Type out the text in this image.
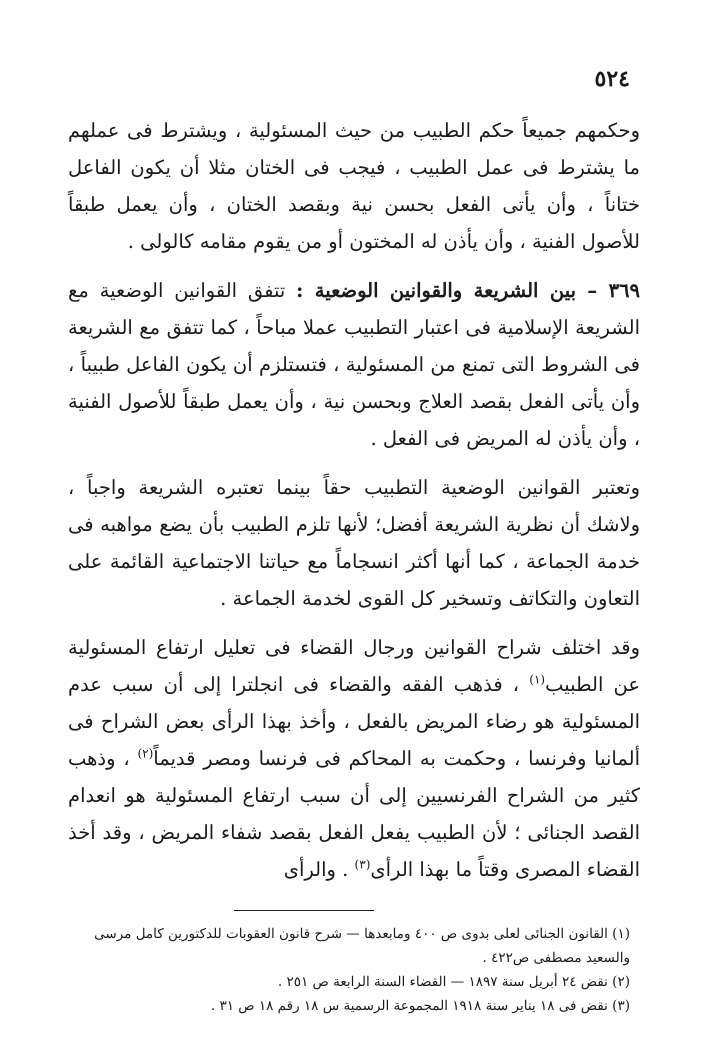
٥٢٤

وحكمهم جميعاً حكم الطبيب من حيث المسئولية ، ويشترط فى عملهم ما يشترط فى عمل الطبيب ، فيجب فى الختان مثلا أن يكون الفاعل ختاناً ، وأن يأتى الفعل بحسن نية وبقصد الختان ، وأن يعمل طبقاً للأصول الفنية ، وأن يأذن له المختون أو من يقوم مقامه كالولى .

٣٦٩ – بين الشريعة والقوانين الوضعية : تتفق القوانين الوضعية مع الشريعة الإسلامية فى اعتبار التطبيب عملا مباحاً ، كما تتفق مع الشريعة فى الشروط التى تمنع من المسئولية ، فتستلزم أن يكون الفاعل طبيباً ، وأن يأتى الفعل بقصد العلاج وبحسن نية ، وأن يعمل طبقاً للأصول الفنية ، وأن يأذن له المريض فى الفعل .

وتعتبر القوانين الوضعية التطبيب حقاً بينما تعتبره الشريعة واجباً ، ولاشك أن نظرية الشريعة أفضل؛ لأنها تلزم الطبيب بأن يضع مواهبه فى خدمة الجماعة ، كما أنها أكثر انسجاماً مع حياتنا الاجتماعية القائمة على التعاون والتكاتف وتسخير كل القوى لخدمة الجماعة .

وقد اختلف شراح القوانين ورجال القضاء فى تعليل ارتفاع المسئولية عن الطبيب$^{(١)}$ ، فذهب الفقه والقضاء فى انجلترا إلى أن سبب عدم المسئولية هو رضاء المريض بالفعل ، وأخذ بهذا الرأى بعض الشراح فى ألمانيا وفرنسا ، وحكمت به المحاكم فى فرنسا ومصر قديماً$^{(٢)}$ ، وذهب كثير من الشراح الفرنسيين إلى أن سبب ارتفاع المسئولية هو انعدام القصد الجنائى ؛ لأن الطبيب يفعل الفعل بقصد شفاء المريض ، وقد أخذ القضاء المصرى وقتاً ما بهذا الرأى$^{(٣)}$ . والرأى

(١) القانون الجنائى لعلى بدوى ص ٤٠٠ ومابعدها — شرح قانون العقوبات للدكتورين كامل مرسى والسعيد مصطفى ص٤٢٢ .
(٢) نقض ٢٤ أبريل سنة ١٨٩٧ — القضاء السنة الرابعة ص ٢٥١ .
(٣) نقض فى ١٨ يناير سنة ١٩١٨ المجموعة الرسمية س ١٨ رقم ١٨ ص ٣١ .
